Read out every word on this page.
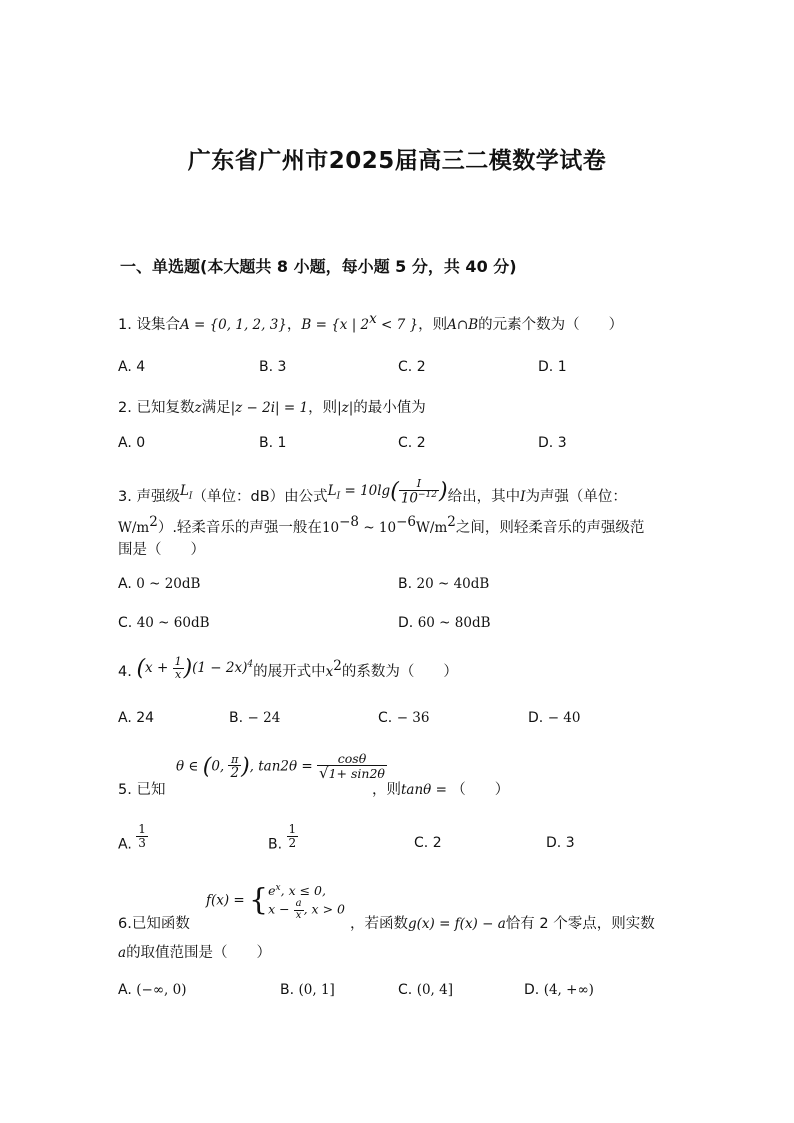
广东省广州市2025届高三二模数学试卷
一、单选题(本大题共 8 小题，每小题 5 分，共 40 分)
1. 设集合A = {0, 1, 2, 3}，B = {x | $2^x < 7$ }，则A∩B的元素个数为（　　）
A. 4	B. 3	C. 2	D. 1
2. 已知复数z满足|z − 2i| = 1，则|z|的最小值为
A. 0	B. 1	C. 2	D. 3
3. 声强级$L_I$（单位：dB）由公式$L_I = 10\lg( \frac{I}{10^{-12}}$ )给出，其中I为声强（单位：
$W/m^2$）.轻柔音乐的声强一般在$10^{-8}$ ~ $10^{-6}W/m^2$之间，则轻柔音乐的声强级范
围是（　　）
A. 0 ~ 20dB	B. 20 ~ 40dB
C. 40 ~ 60dB	D. 60 ~ 80dB
4. $(x + \frac{1}{x} )(1 - 2x)^4$的展开式中$x^2$的系数为（　　）
A. 24	B. − 24	C. − 36	D. − 40
5. 已知
θ ∈ (0, $\frac{\pi}{2}$ ), $\tan 2\theta = \frac{\cos\theta}{√1+ \sin 2\theta}$
，则tanθ = （　　）
A. $\frac{1}{3}$	B. $\frac{1}{2}$	C. 2	D. 3
6.已知函数
$f(x) = \{e^x$, x ≤ 0,
$x - \frac{a}{x}$ , x > 0
，若函数g(x) = f(x) − a恰有 2 个零点，则实数
a的取值范围是（　　）
A. (−∞, 0)	B. (0, 1]	C. (0, 4]	D. (4, +∞)
